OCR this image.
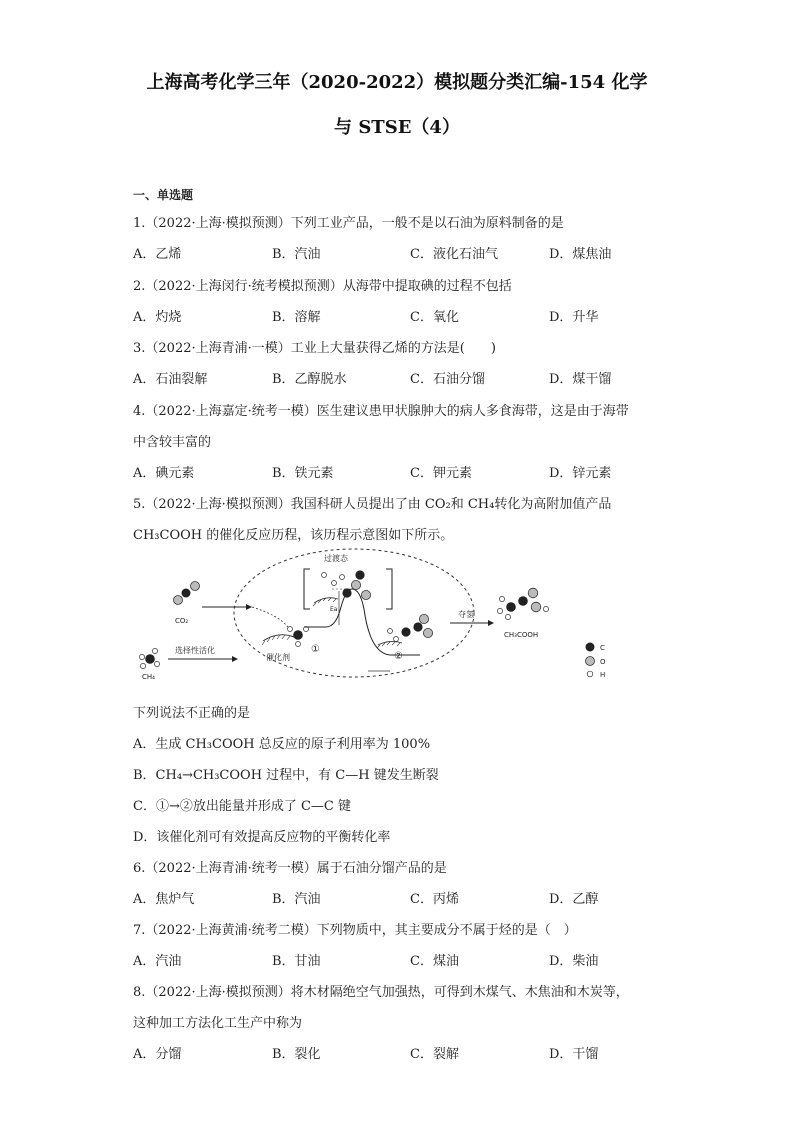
上海高考化学三年（2020-2022）模拟题分类汇编-154 化学
与 STSE（4）
一、单选题
1.（2022·上海·模拟预测）下列工业产品，一般不是以石油为原料制备的是
A．乙烯	B．汽油	C．液化石油气	D．煤焦油
2.（2022·上海闵行·统考模拟预测）从海带中提取碘的过程不包括
A．灼烧	B．溶解	C．氧化	D．升华
3.（2022·上海青浦·一模）工业上大量获得乙烯的方法是(　　)
A．石油裂解	B．乙醇脱水	C．石油分馏	D．煤干馏
4.（2022·上海嘉定·统考一模）医生建议患甲状腺肿大的病人多食海带，这是由于海带
中含较丰富的
A．碘元素	B．铁元素	C．钾元素	D．锌元素
5.（2022·上海·模拟预测）我国科研人员提出了由 CO₂和 CH₄转化为高附加值产品
CH₃COOH 的催化反应历程，该历程示意图如下所示。
过渡态
CO₂
CH₄
选择性活化
催化剂
①
Ea
②
夺氢
CH₃COOH
C
O
H
下列说法不正确的是
A．生成 CH₃COOH 总反应的原子利用率为 100%
B．CH₄→CH₃COOH 过程中，有 C—H 键发生断裂
C．①→②放出能量并形成了 C—C 键
D．该催化剂可有效提高反应物的平衡转化率
6.（2022·上海青浦·统考一模）属于石油分馏产品的是
A．焦炉气	B．汽油	C．丙烯	D．乙醇
7.（2022·上海黄浦·统考二模）下列物质中，其主要成分不属于烃的是（　）
A．汽油	B．甘油	C．煤油	D．柴油
8.（2022·上海·模拟预测）将木材隔绝空气加强热，可得到木煤气、木焦油和木炭等，
这种加工方法化工生产中称为
A．分馏	B．裂化	C．裂解	D．干馏
